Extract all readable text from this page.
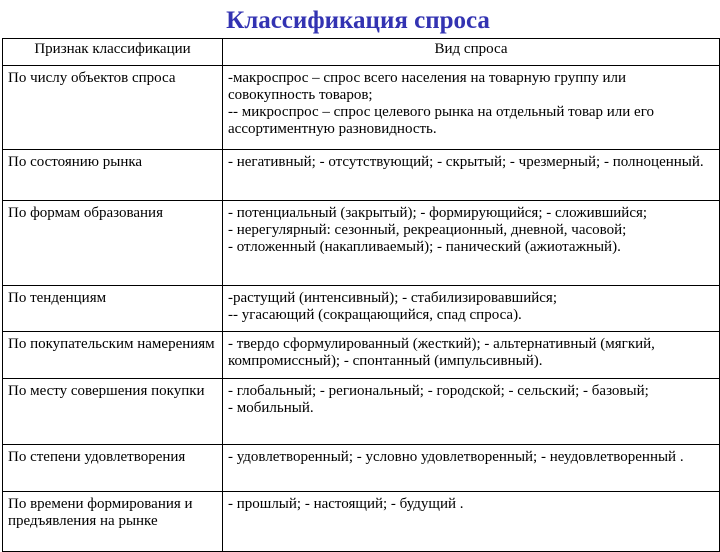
Классификация спроса
Признак классификации	Вид спроса
По числу объектов спроса	-макроспрос – спрос всего населения на товарную группу или совокупность товаров;
-- микроспрос – спрос целевого рынка на отдельный товар или его ассортиментную разновидность.

По состоянию рынка	- негативный; - отсутствующий; - скрытый; - чрезмерный; - полноценный.

По формам образования	- потенциальный (закрытый); - формирующийся; - сложившийся;
- нерегулярный: сезонный, рекреационный, дневной, часовой;
- отложенный (накапливаемый); - панический (ажиотажный).

По тенденциям	-растущий (интенсивный); - стабилизировавшийся;
-- угасающий (сокращающийся, спад спроса).

По покупательским намерениям	- твердо сформулированный (жесткий); - альтернативный (мягкий, компромиссный); - спонтанный (импульсивный).

По месту совершения покупки	- глобальный; - региональный; - городской; - сельский; - базовый;
- мобильный.

По степени удовлетворения	- удовлетворенный; - условно удовлетворенный; - неудовлетворенный .

По времени формирования и предъявления на рынке	- прошлый; - настоящий; - будущий .
